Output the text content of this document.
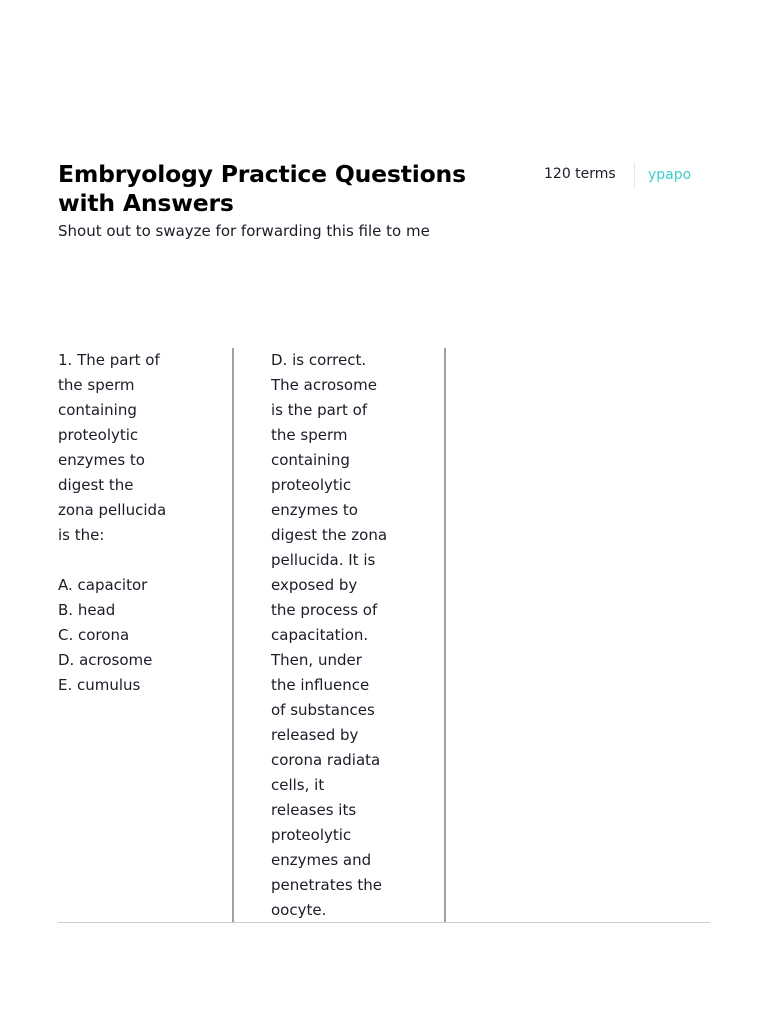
Embryology Practice Questions
with Answers
120 terms ypapo

Shout out to swayze for forwarding this file to me

1. The part of
the sperm
containing
proteolytic
enzymes to
digest the
zona pellucida
is the:
A. capacitor
B. head
C. corona
D. acrosome
E. cumulus
D. is correct.
The acrosome
is the part of
the sperm
containing
proteolytic
enzymes to
digest the zona
pellucida. It is
exposed by
the process of
capacitation.
Then, under
the influence
of substances
released by
corona radiata
cells, it
releases its
proteolytic
enzymes and
penetrates the
oocyte.
